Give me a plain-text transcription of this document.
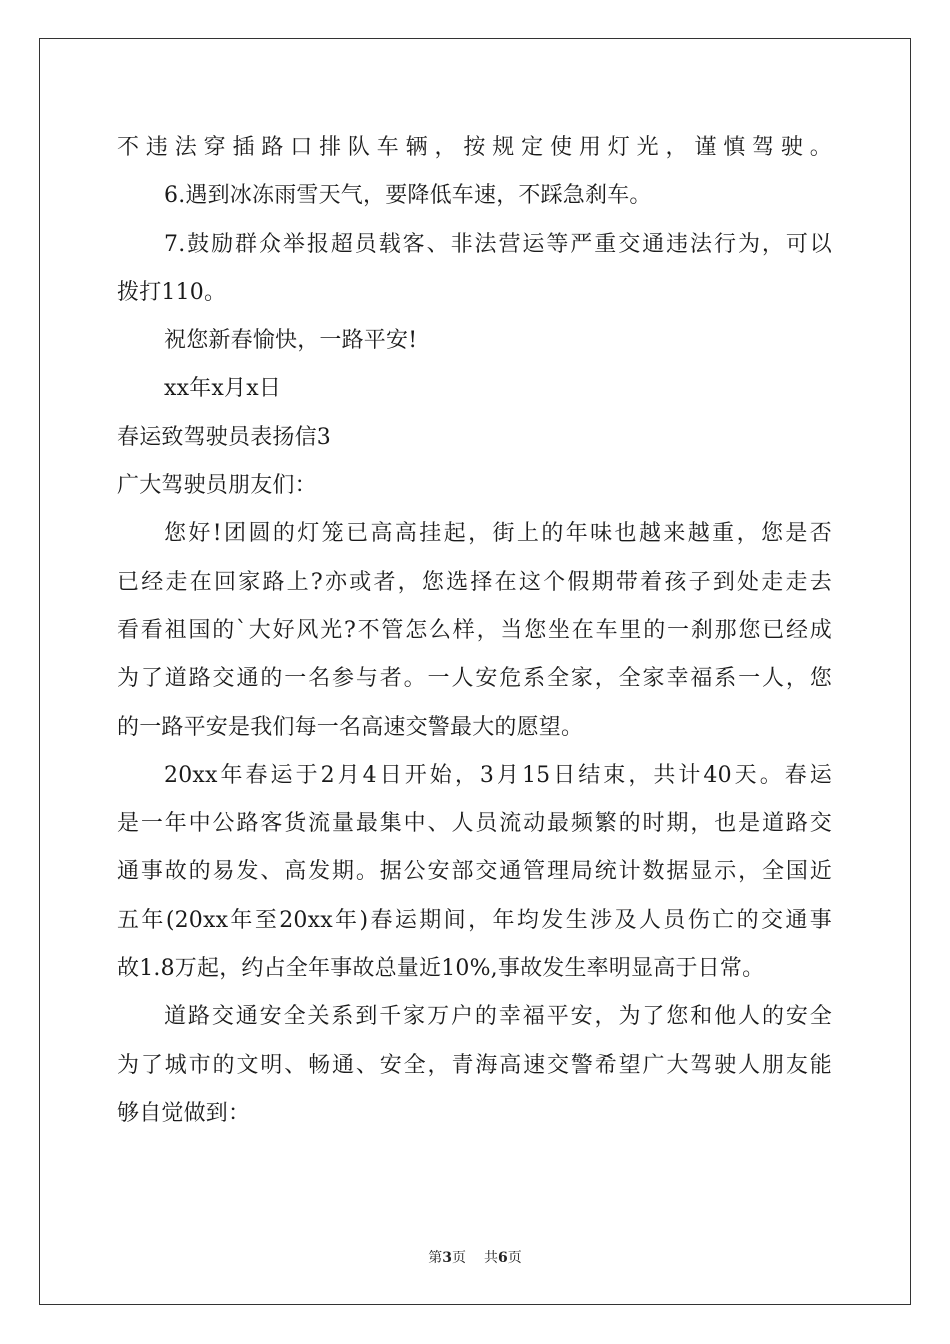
不违法穿插路口排队车辆，按规定使用灯光，谨慎驾驶。
6.遇到冰冻雨雪天气，要降低车速，不踩急刹车。
7.鼓励群众举报超员载客、非法营运等严重交通违法行为，可以
拨打110。
祝您新春愉快，一路平安!
xx年x月x日
春运致驾驶员表扬信3
广大驾驶员朋友们：
您好!团圆的灯笼已高高挂起，街上的年味也越来越重，您是否
已经走在回家路上?亦或者，您选择在这个假期带着孩子到处走走去
看看祖国的`大好风光?不管怎么样，当您坐在车里的一刹那您已经成
为了道路交通的一名参与者。一人安危系全家，全家幸福系一人，您
的一路平安是我们每一名高速交警最大的愿望。
20xx年春运于2月4日开始，3月15日结束，共计40天。春运
是一年中公路客货流量最集中、人员流动最频繁的时期，也是道路交
通事故的易发、高发期。据公安部交通管理局统计数据显示，全国近
五年(20xx年至20xx年)春运期间，年均发生涉及人员伤亡的交通事
故1.8万起，约占全年事故总量近10%,事故发生率明显高于日常。
道路交通安全关系到千家万户的幸福平安，为了您和他人的安全
为了城市的文明、畅通、安全，青海高速交警希望广大驾驶人朋友能
够自觉做到：
第3页 共6页
